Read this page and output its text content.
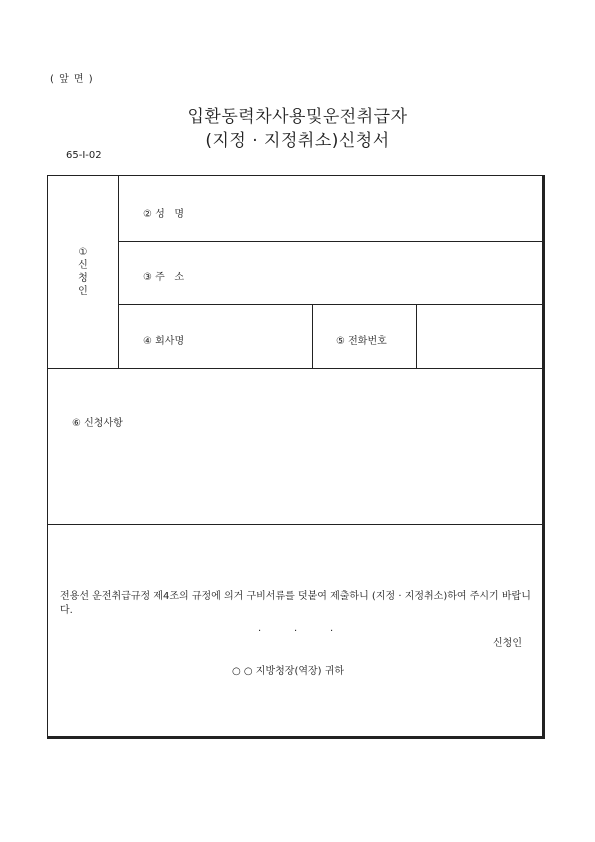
( 앞 면 )
입환동력차사용및운전취급자
(지정 · 지정취소)신청서
65-Ⅰ-02
①
신
청
인
② 성   명
③ 주   소
④ 회사명	⑤ 전화번호
⑥ 신청사항
전용선 운전취급규정 제4조의 규정에 의거 구비서류를 덧붙여 제출하니 (지정 · 지정취소)하여 주시기 바랍니다.
.	.	.
신청인
○ ○ 지방청장(역장) 귀하
